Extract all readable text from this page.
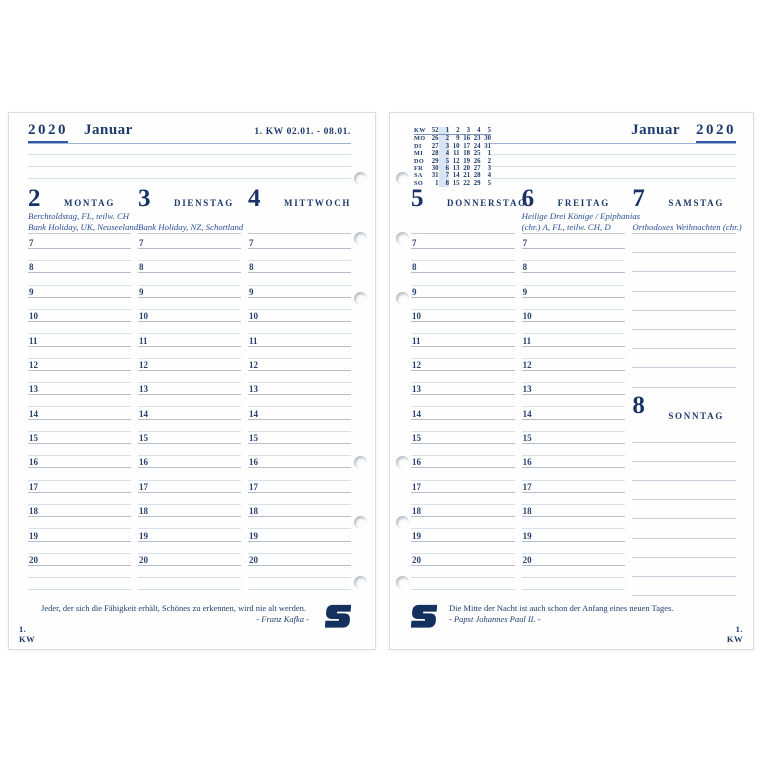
2020 Januar	1. KW 02.01. - 08.01.
2	MONTAG
Berchtoldstag, FL, teilw. CH
Bank Holiday, UK, Neuseeland
7
8
9
10
11
12
13
14
15
16
17
18
19
20
3	DIENSTAG

Bank Holiday, NZ, Schottland
7
8
9
10
11
12
13
14
15
16
17
18
19
20
4	MITTWOCH

7
8
9
10
11
12
13
14
15
16
17
18
19
20
Jeder, der sich die Fähigkeit erhält, Schönes zu erkennen, wird nie alt werden.
- Franz Kafka -
1.
KW
Januar 2020
KW	52	1	2	3	4	5
MO	26	2	9	16	23	30
DI	27	3	10	17	24	31
MI	28	4	11	18	25	1
DO	29	5	12	19	26	2
FR	30	6	13	20	27	3
SA	31	7	14	21	28	4
SO	1	8	15	22	29	5
5	DONNERSTAG

7
8
9
10
11
12
13
14
15
16
17
18
19
20
6	FREITAG
Heilige Drei Könige / Epiphanias
(chr.) A, FL, teilw. CH, D
7
8
9
10
11
12
13
14
15
16
17
18
19
20
7	SAMSTAG

Orthodoxes Weihnachten (chr.)
8	SONNTAG
Die Mitte der Nacht ist auch schon der Anfang eines neuen Tages.
- Papst Johannes Paul II. -
1.
KW
